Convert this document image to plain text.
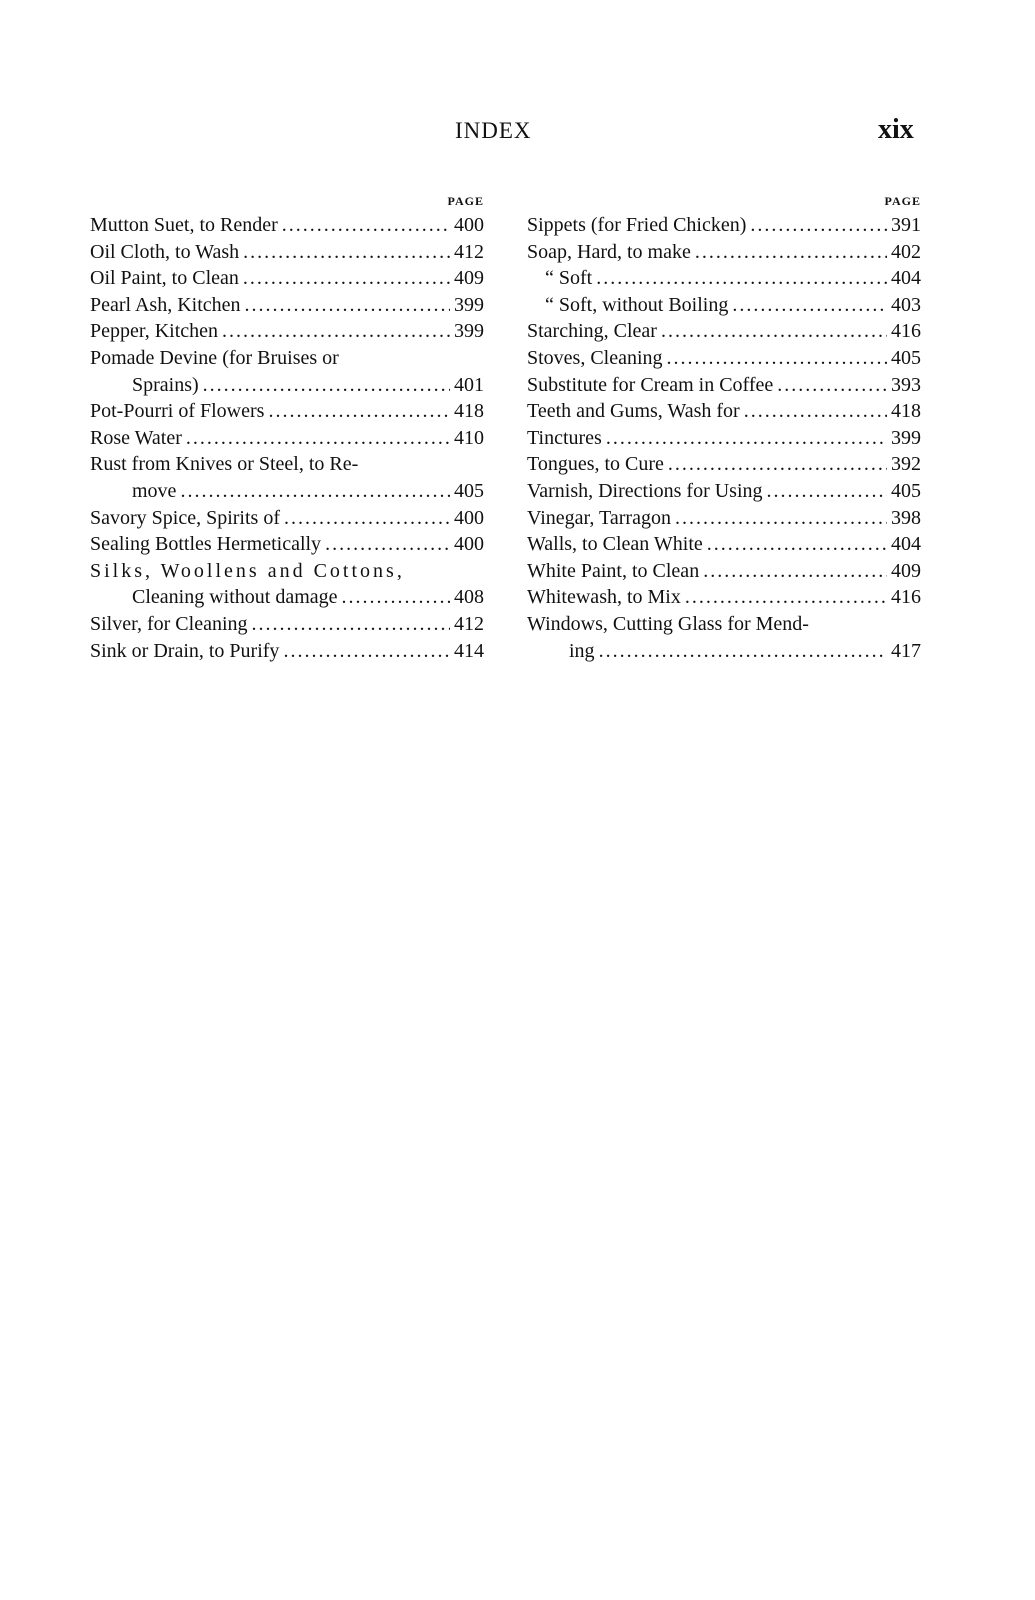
INDEX	xix
PAGE
Mutton Suet, to Render .....	400
Oil Cloth, to Wash .....	412
Oil Paint, to Clean .....	409
Pearl Ash, Kitchen .....	399
Pepper, Kitchen .....	399
Pomade Devine (for Bruises or
Sprains) .....	401
Pot-Pourri of Flowers .....	418
Rose Water .....	410
Rust from Knives or Steel, to Re-
move .....	405
Savory Spice, Spirits of .....	400
Sealing Bottles Hermetically .....	400
Silks, Woollens and Cottons,
Cleaning without damage .....	408
Silver, for Cleaning .....	412
Sink or Drain, to Purify .....	414
PAGE
Sippets (for Fried Chicken) .....	391
Soap, Hard, to make .....	402
“ Soft .....	404
“ Soft, without Boiling .....	403
Starching, Clear .....	416
Stoves, Cleaning .....	405
Substitute for Cream in Coffee .....	393
Teeth and Gums, Wash for .....	418
Tinctures .....	399
Tongues, to Cure .....	392
Varnish, Directions for Using .....	405
Vinegar, Tarragon .....	398
Walls, to Clean White .....	404
White Paint, to Clean .....	409
Whitewash, to Mix .....	416
Windows, Cutting Glass for Mend-
ing .....	417
